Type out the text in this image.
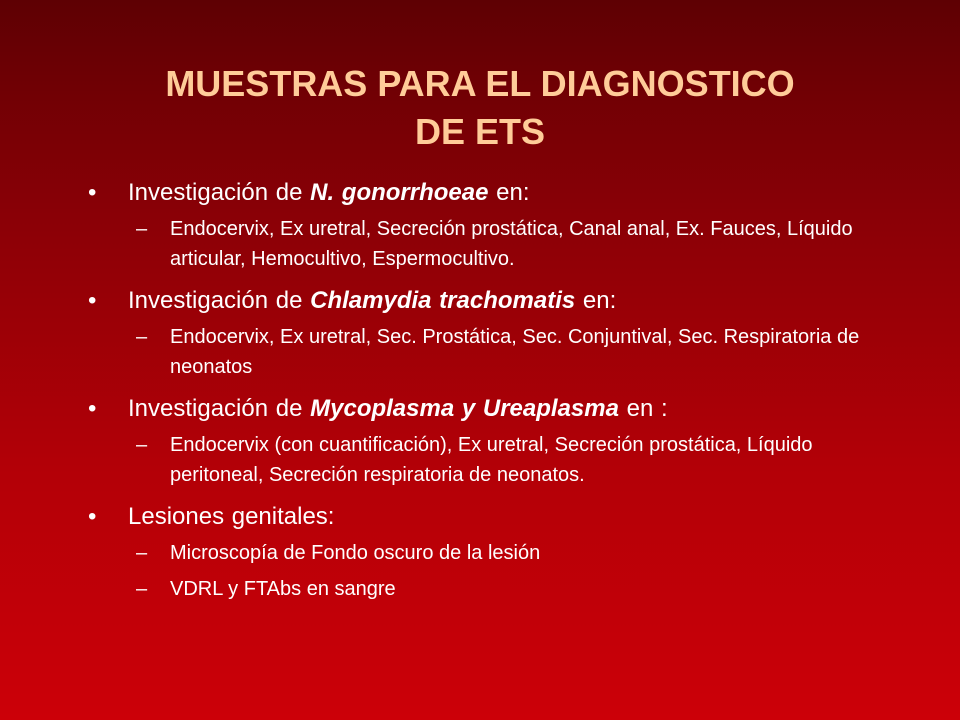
MUESTRAS PARA EL DIAGNOSTICO
DE ETS
• Investigación de N. gonorrhoeae en:
– Endocervix, Ex uretral, Secreción prostática, Canal anal, Ex. Fauces, Líquido articular, Hemocultivo, Espermocultivo.
• Investigación de Chlamydia trachomatis en:
– Endocervix, Ex uretral, Sec. Prostática, Sec. Conjuntival, Sec. Respiratoria de neonatos
• Investigación de Mycoplasma y Ureaplasma en :
– Endocervix (con cuantificación), Ex uretral, Secreción prostática, Líquido peritoneal, Secreción respiratoria de neonatos.
• Lesiones genitales:
– Microscopía de Fondo oscuro de la lesión
– VDRL y FTAbs en sangre
